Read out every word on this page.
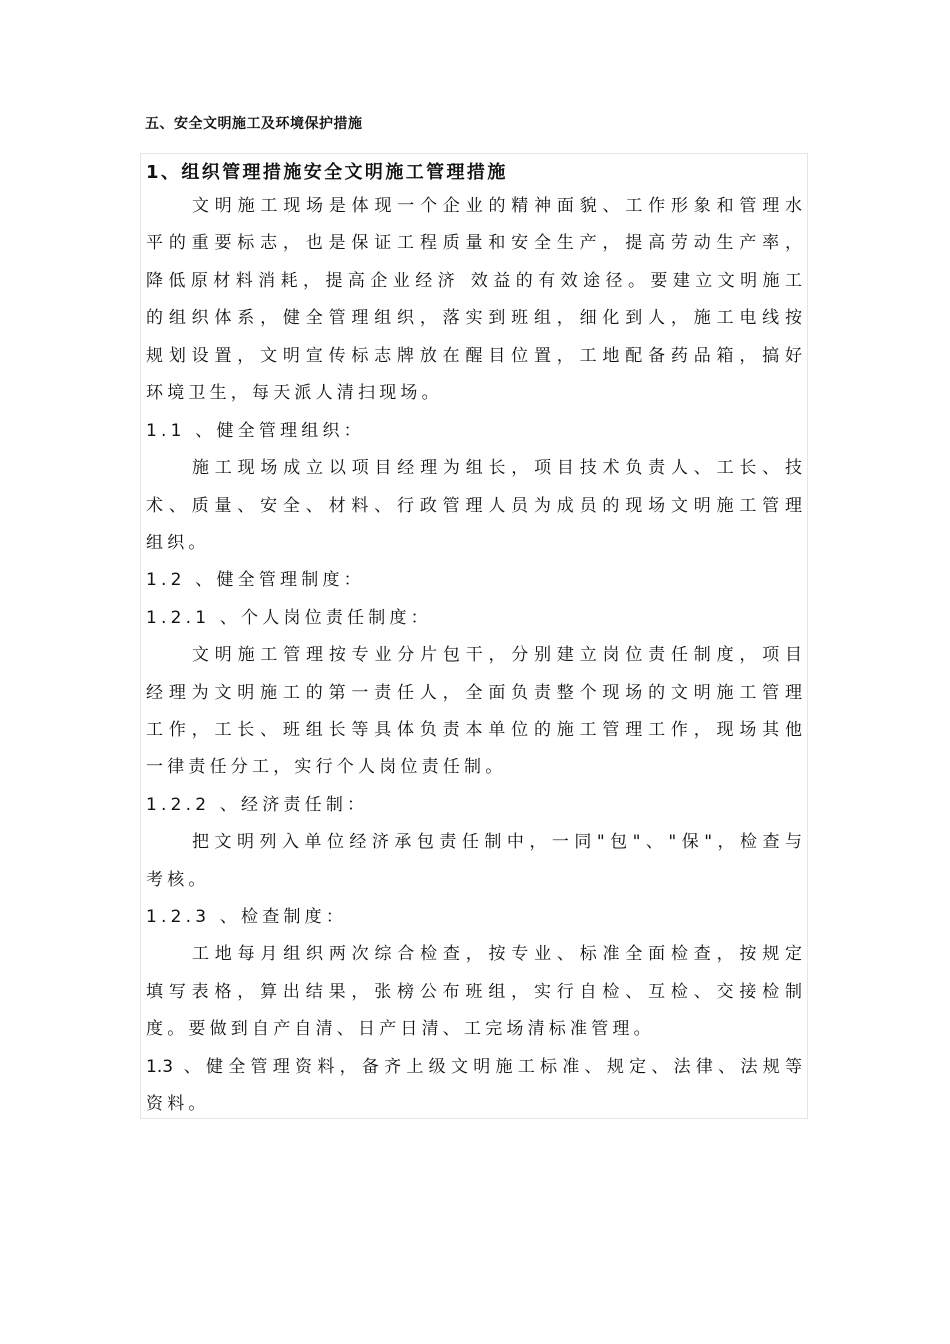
五、安全文明施工及环境保护措施
1、组织管理措施安全文明施工管理措施
文明施工现场是体现一个企业的精神面貌、工作形象和管理水
平的重要标志，也是保证工程质量和安全生产，提高劳动生产率，
降低原材料消耗，提高企业经济 效益的有效途径。要建立文明施工
的组织体系，健全管理组织，落实到班组，细化到人，施工电线按
规划设置，文明宣传标志牌放在醒目位置，工地配备药品箱，搞好
环境卫生，每天派人清扫现场。
1.1 、健全管理组织：
施工现场成立以项目经理为组长，项目技术负责人、工长、技
术、质量、安全、材料、行政管理人员为成员的现场文明施工管理
组织。
1.2 、健全管理制度：
1.2.1 、个人岗位责任制度：
文明施工管理按专业分片包干，分别建立岗位责任制度，项目
经理为文明施工的第一责任人，全面负责整个现场的文明施工管理
工作，工长、班组长等具体负责本单位的施工管理工作，现场其他
一律责任分工，实行个人岗位责任制。
1.2.2 、经济责任制：
把文明列入单位经济承包责任制中，一同"包"、"保"，检查与
考核。
1.2.3 、检查制度：
工地每月组织两次综合检查，按专业、标准全面检查，按规定
填写表格，算出结果，张榜公布班组，实行自检、互检、交接检制
度。要做到自产自清、日产日清、工完场清标准管理。
1.3 、健全管理资料，备齐上级文明施工标准、规定、法律、法规等
资料。
